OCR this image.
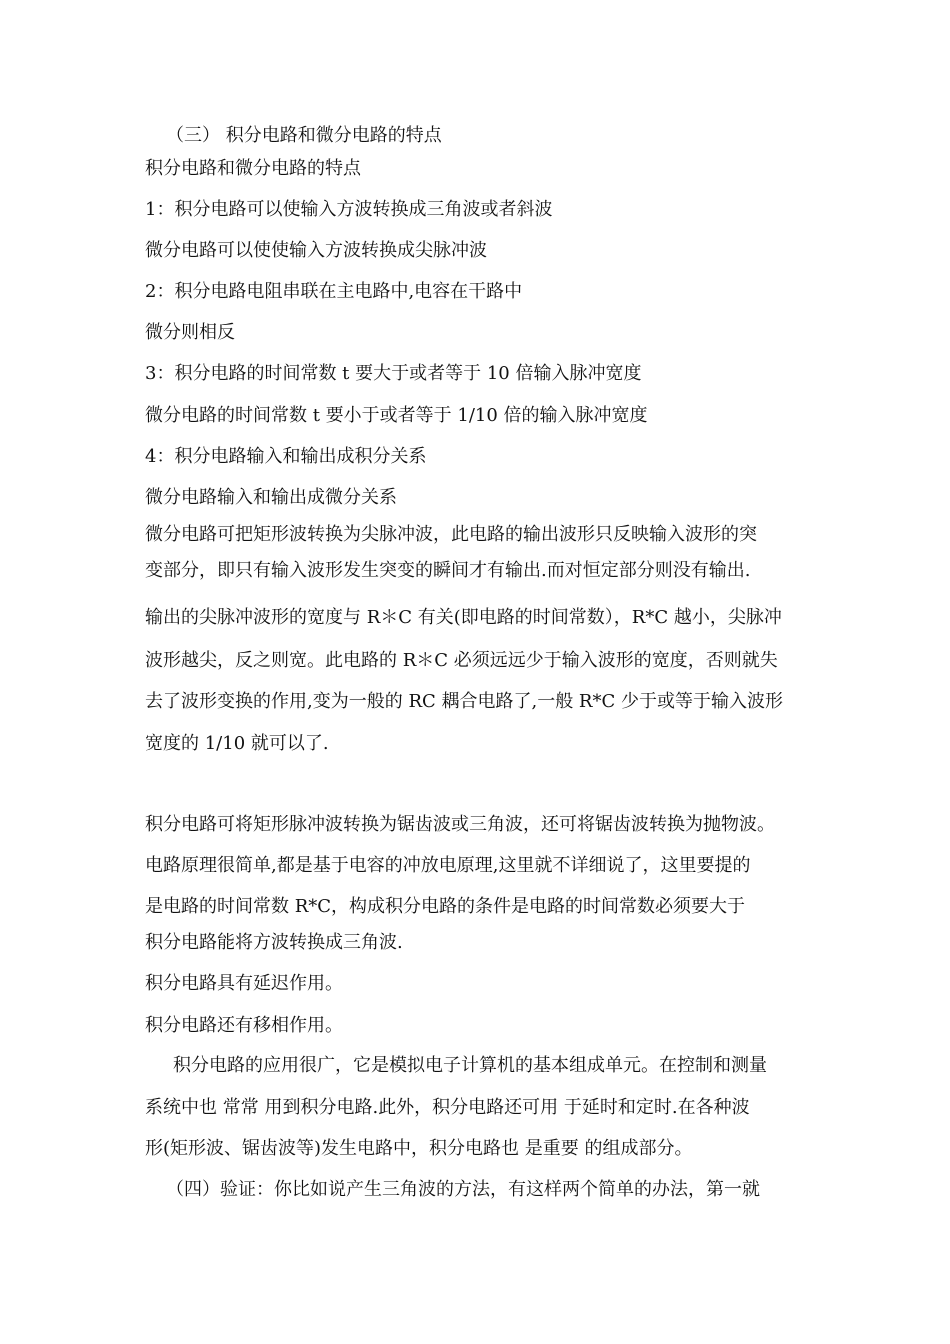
（三） 积分电路和微分电路的特点
积分电路和微分电路的特点
1：积分电路可以使输入方波转换成三角波或者斜波
微分电路可以使使输入方波转换成尖脉冲波
2：积分电路电阻串联在主电路中,电容在干路中
微分则相反
3：积分电路的时间常数 t 要大于或者等于 10 倍输入脉冲宽度
微分电路的时间常数 t 要小于或者等于 1/10 倍的输入脉冲宽度
4：积分电路输入和输出成积分关系
微分电路输入和输出成微分关系
微分电路可把矩形波转换为尖脉冲波，此电路的输出波形只反映输入波形的突
变部分，即只有输入波形发生突变的瞬间才有输出.而对恒定部分则没有输出.
输出的尖脉冲波形的宽度与 R＊C 有关(即电路的时间常数），R*C 越小，尖脉冲
波形越尖，反之则宽。此电路的 R＊C 必须远远少于输入波形的宽度，否则就失
去了波形变换的作用,变为一般的 RC 耦合电路了,一般 R*C 少于或等于输入波形
宽度的 1/10 就可以了.
积分电路可将矩形脉冲波转换为锯齿波或三角波，还可将锯齿波转换为抛物波。
电路原理很简单,都是基于电容的冲放电原理,这里就不详细说了，这里要提的
是电路的时间常数 R*C，构成积分电路的条件是电路的时间常数必须要大于
积分电路能将方波转换成三角波.
积分电路具有延迟作用。
积分电路还有移相作用。
积分电路的应用很广，它是模拟电子计算机的基本组成单元。在控制和测量
系统中也 常常 用到积分电路.此外，积分电路还可用 于延时和定时.在各种波
形(矩形波、锯齿波等)发生电路中，积分电路也 是重要 的组成部分。
（四）验证：你比如说产生三角波的方法，有这样两个简单的办法，第一就
